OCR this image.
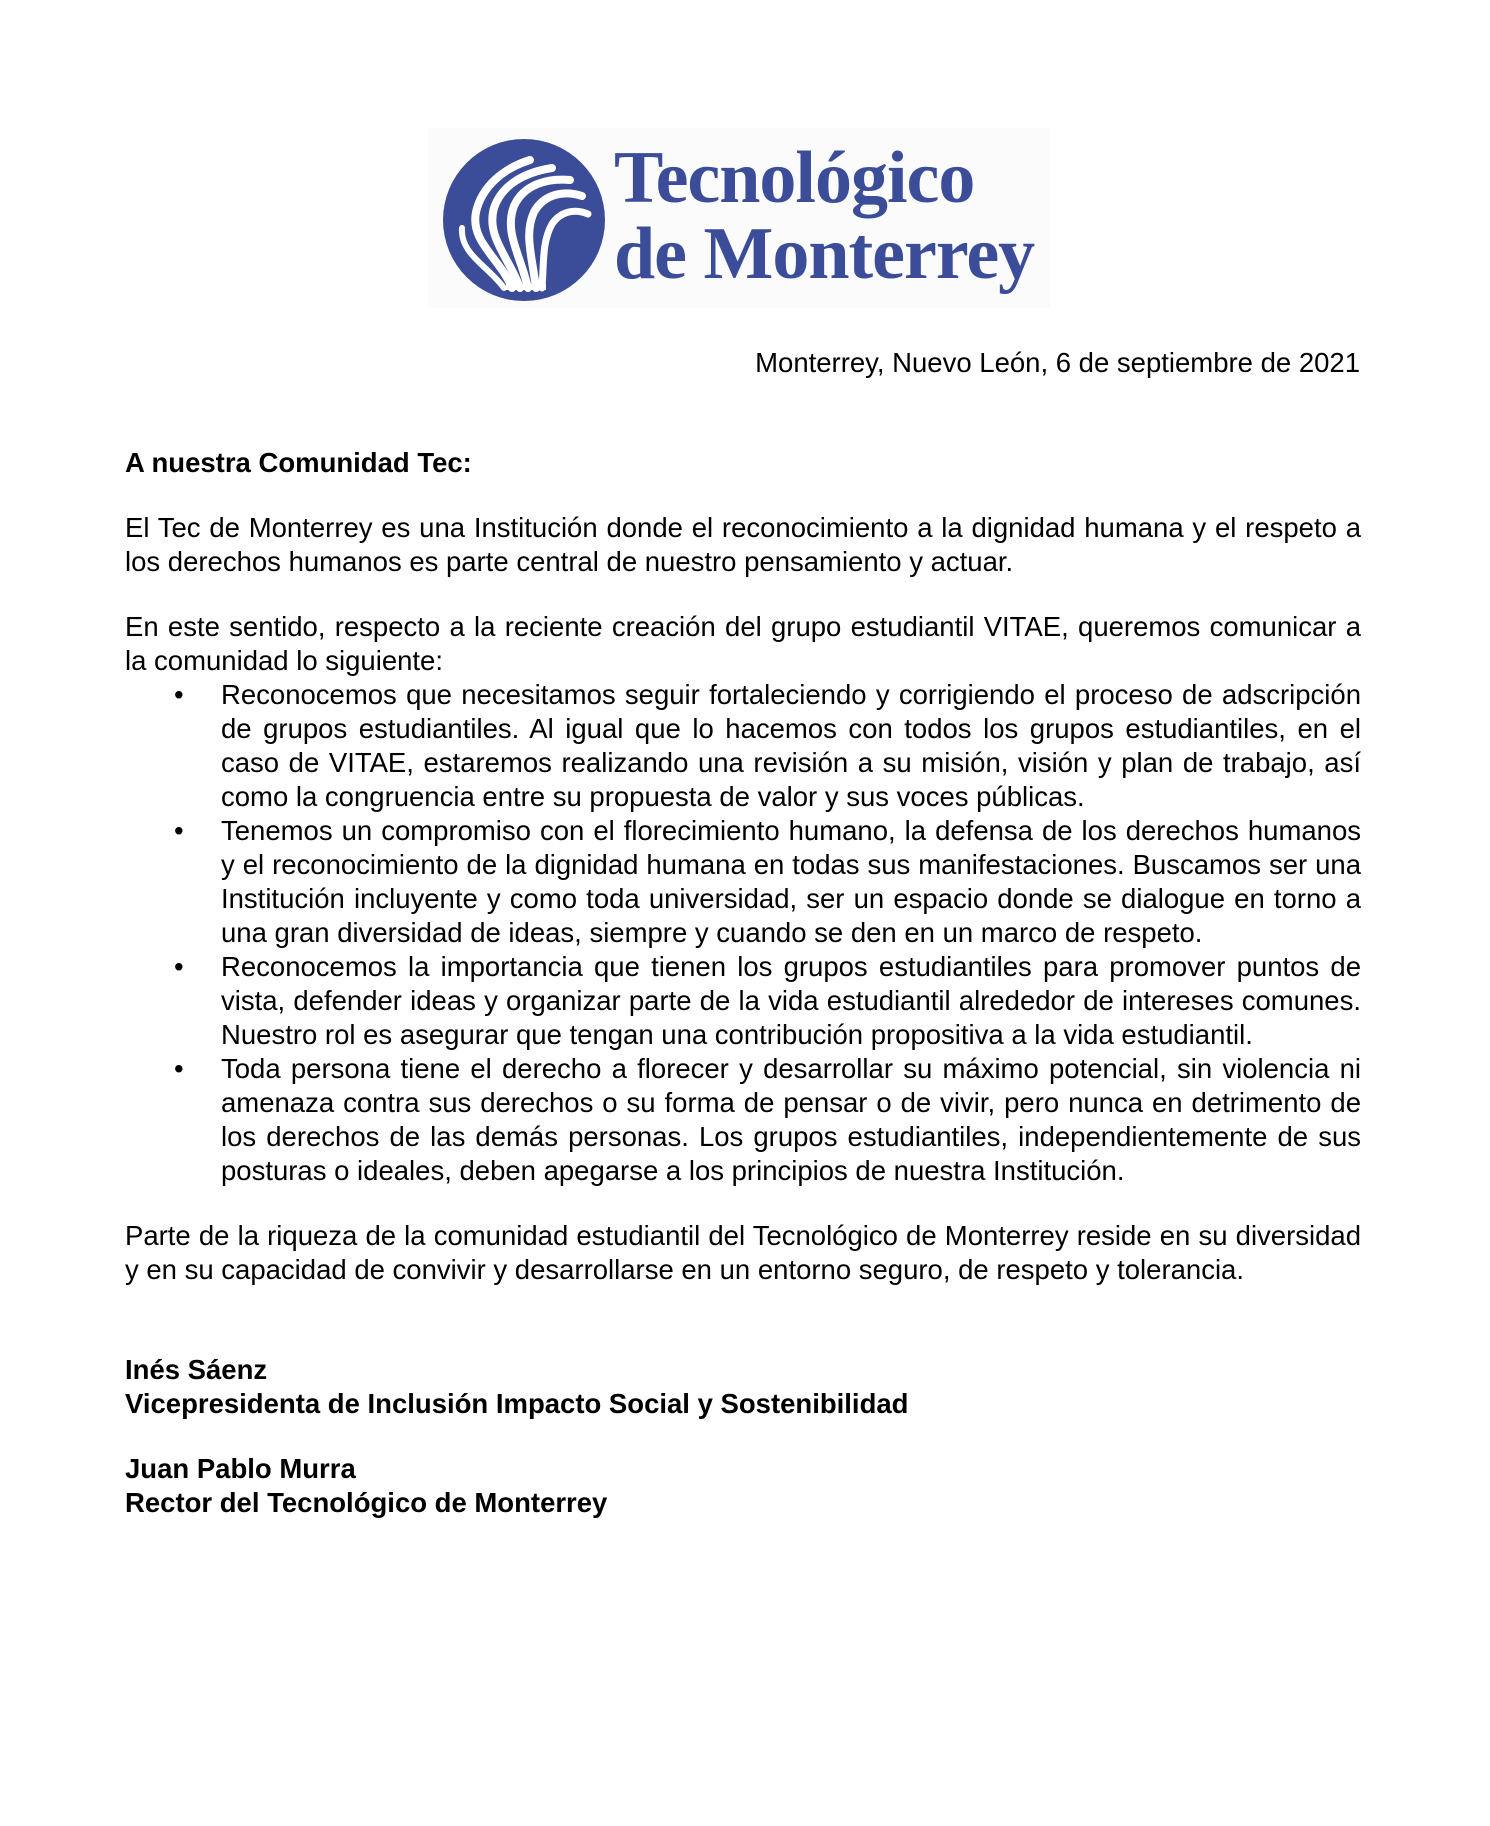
Tecnológico
de Monterrey
Monterrey, Nuevo León, 6 de septiembre de 2021
A nuestra Comunidad Tec:

El Tec de Monterrey es una Institución donde el reconocimiento a la dignidad humana y el respeto a los derechos humanos es parte central de nuestro pensamiento y actuar.

En este sentido, respecto a la reciente creación del grupo estudiantil VITAE, queremos comunicar a la comunidad lo siguiente:

• Reconocemos que necesitamos seguir fortaleciendo y corrigiendo el proceso de adscripción de grupos estudiantiles. Al igual que lo hacemos con todos los grupos estudiantiles, en el caso de VITAE, estaremos realizando una revisión a su misión, visión y plan de trabajo, así como la congruencia entre su propuesta de valor y sus voces públicas.
• Tenemos un compromiso con el florecimiento humano, la defensa de los derechos humanos y el reconocimiento de la dignidad humana en todas sus manifestaciones. Buscamos ser una Institución incluyente y como toda universidad, ser un espacio donde se dialogue en torno a una gran diversidad de ideas, siempre y cuando se den en un marco de respeto.
• Reconocemos la importancia que tienen los grupos estudiantiles para promover puntos de vista, defender ideas y organizar parte de la vida estudiantil alrededor de intereses comunes. Nuestro rol es asegurar que tengan una contribución propositiva a la vida estudiantil.
• Toda persona tiene el derecho a florecer y desarrollar su máximo potencial, sin violencia ni amenaza contra sus derechos o su forma de pensar o de vivir, pero nunca en detrimento de los derechos de las demás personas. Los grupos estudiantiles, independientemente de sus posturas o ideales, deben apegarse a los principios de nuestra Institución.

Parte de la riqueza de la comunidad estudiantil del Tecnológico de Monterrey reside en su diversidad y en su capacidad de convivir y desarrollarse en un entorno seguro, de respeto y tolerancia.

Inés Sáenz
Vicepresidenta de Inclusión Impacto Social y Sostenibilidad
Juan Pablo Murra
Rector del Tecnológico de Monterrey
